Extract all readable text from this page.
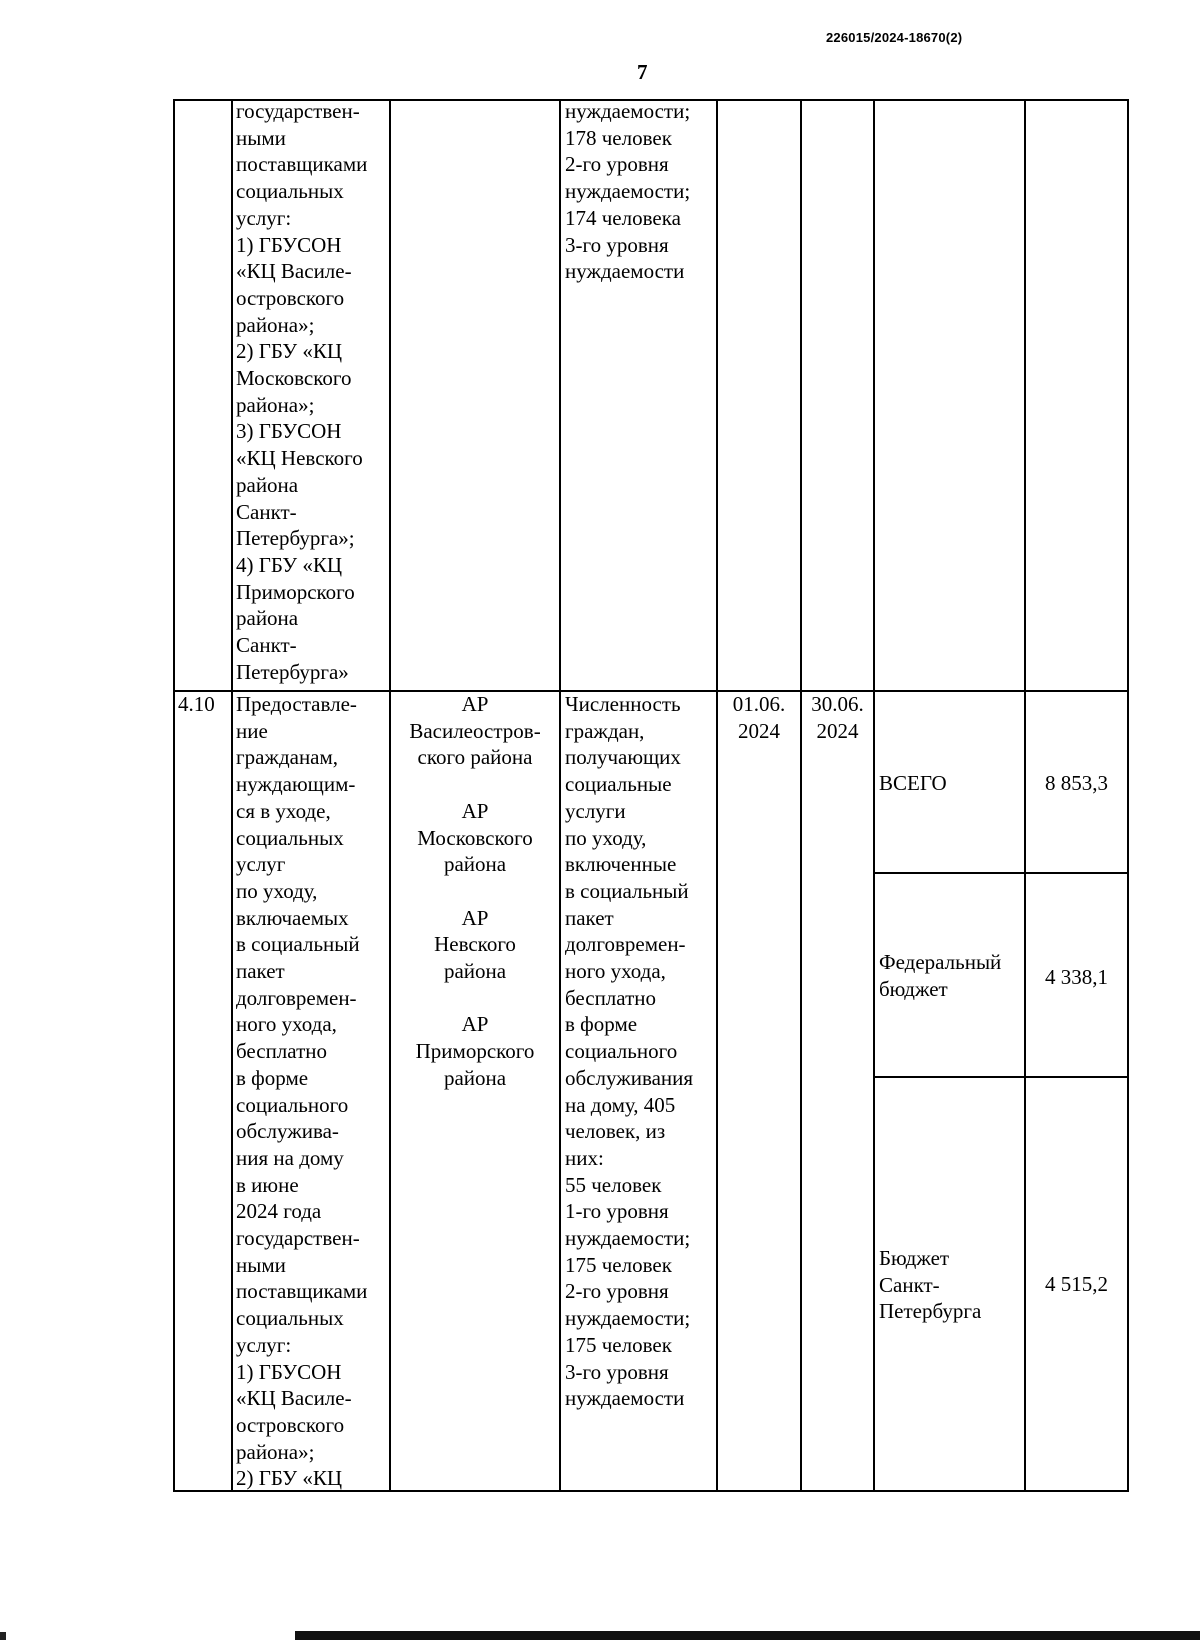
226015/2024-18670(2)
7

государствен-
ными
поставщиками
социальных
услуг:
1) ГБУСОН
«КЦ Василе-
островского
района»;
2) ГБУ «КЦ
Московского
района»;
3) ГБУСОН
«КЦ Невского
района
Санкт-
Петербурга»;
4) ГБУ «КЦ
Приморского
района
Санкт-
Петербурга»

нуждаемости;
178 человек
2-го уровня
нуждаемости;
174 человека
3-го уровня
нуждаемости

4.10 Предоставле-
ние
гражданам,
нуждающим-
ся в уходе,
социальных
услуг
по уходу,
включаемых
в социальный
пакет
долговремен-
ного ухода,
бесплатно
в форме
социального
обслужива-
ния на дому
в июне
2024 года
государствен-
ными
поставщиками
социальных
услуг:
1) ГБУСОН
«КЦ Василе-
островского
района»;
2) ГБУ «КЦ

АР
Василеостров-
ского района

АР
Московского
района

АР
Невского
района

АР
Приморского
района

Численность
граждан,
получающих
социальные
услуги
по уходу,
включенные
в социальный
пакет
долговремен-
ного ухода,
бесплатно
в форме
социального
обслуживания
на дому, 405
человек, из
них:
55 человек
1-го уровня
нуждаемости;
175 человек
2-го уровня
нуждаемости;
175 человек
3-го уровня
нуждаемости

01.06.
2024

30.06.
2024

ВСЕГО	8 853,3

Федеральный
бюджет	4 338,1

Бюджет
Санкт-
Петербурга

4 515,2
